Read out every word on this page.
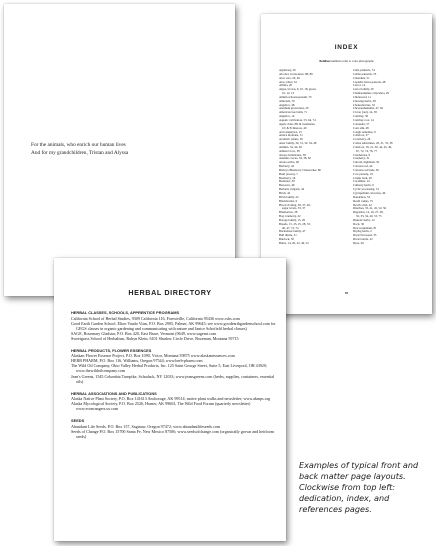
For the animals, who enrich our human lives
And for my grandchildren, Tristan and Alyssa
INDEX
Boldface numbers refer to color photographs
Agrimony, 20
Alcohol, in tinctures, 88, 89
Aloe vera, 20, 49
Aloe, bitter, 61
Alfalfa, 20
Algae, brown, 9, 10, 16; green,
10, 12, 13
Allium schoenoprasum, 70
Almonds, 70
Angelica, 48
Anethum graveolens, 20
American bee balm, 71
Angelica, 14
Aquatic cultivation, 53, 64, 74
Apple cider, 88; & treatments,
10; & Echinacea, 49
Arctostaphylos, 13
Arnica montana, 51
Aromatic plants, 56
Aster family, 30, 31, 32, 34, 48
Asthma, 34, 44, 62
Athlete's foot, 38
Atropa belladonna, 38
Autumn crocus, 34, 38, 62
Avena sativa, 48
Barberry, 43
Barley's Blueberry Cheesecake, 80
Basil (sweet), 7
Bearberry, 16
Bedstraw, 30
Beeswax, 49
Berberis vulgaris, 34
Birch, 42
Birch family, 22
Blackberries, 9
Blood clotting, 28, 37, 40;
sugar levels, 33, 37
Blueberries, 38
Bog cranberry, 22
Borage family, 15, 26
Breads, 15, 23, 25, 28, 33,
40, 47, 72, 74
Buckwheat family, 47
Bull thistle, 51
Burdock, 50
Burns, 14, 20, 22, 46, 52
Calla palustris, 74
Caltha palustris, 53
Calendula, 51
Capsella bursa-pastoris, 48
Carrot, 14
Carrot family, 29
Chamaedaphne calyculata, 29
Chickweed, 11
Chewing herbs, 28
Chokecherries, 32
Chrysanthemums, 47, 62
Clover (red), 14, 58
Comfrey, 36
Comfrey root, 14
Coriander, 57
Corn silk, 48
Cough remedies, 9
Coltsfoot, 37
Crowberry, 26
Coffee substitutes, 29, 31, 33, 38
Coltsfoot, 18, 21, 30, 44, 45, 49,
67, 72, 74, 76, 77
Cranberries, 9
Cranberry, 31
Currant, highbush, 50
Cottonwood, 44
Cottonwood buds, 36
Cow parsnip, 19
Cramp bark, 29
Cucumber, 22
Culinary herbs, 9
Cyclic processing, 31
Cypripedium calceolus, 49
Dandelion, 53
Death camas, 75
Devil's club, 42
Diarrhea, 33, 41, 45, 52, 56
Digestion, 14, 16, 27, 28,
32, 33, 34, 40, 53, 75
Diuretic herbs, 12
Dock, 36
Dracocephalum, 81
Drying herbs, 2
Dwarf fireweed, 35
Dwarf nettle, 22
Dyes, 49
95
HERBAL DIRECTORY
HERBAL CLASSES, SCHOOLS, APPRENTICE PROGRAMS
California School of Herbal Studies, 9309 California 116, Forestville, California 95436 www.cshs.com
Good Earth Garden School, Elton Vaudo Vitas, P.O. Box 2905, Palmer, AK 99645; see www.goodearthgardenschool.com for GEGS classes in organic gardening and communicating with nature and Janice Schofield herbal classes)
SAGE, Rosemary Gladstar, P.O. Box 420, East Barre, Vermont (0649, www.sagemt.com
Sweetgrass School of Herbalism, Robyn Klein, 6101 Shadow Circle Drive, Bozeman, Montana 59715
HERBAL PRODUCTS, FLOWER ESSENCES
Alaskan Flower Essence Project, P.O. Box 1090, Victor, Montana 59875 www.alaskanessences.com
HERB PHARM, P.O. Box 116, Williams, Oregon 97544; www.herb-pharm.com
The Wild Oil Company, Ohio Valley Herbal Products, Inc. 125 Saint George Street, Suite 5, East Liverpool, OH 43920; www.thewildoilcompany.com
Jean's Greens, 1545 Columbia Turnpike, Schodack, NY 12033; www.jeansgreens.com (herbs, supplies, containers, essential oils)
HERBAL ASSOCIATIONS AND PUBLICATIONS
Alaska Native Plant Society, P.O. Box 141613 Anchorage, AK 99514; native plant walks and newsletter; www.akmps.org
Alaska Mycological Society, P.O. Box 2526, Homer, AK 99603, The Wild Food Forum (quarterly newsletter) www.econrangers.us.com
SEEDS
Abundant Life Seeds, P.O. Box 157, Saginaw, Oregon 97472; www.abundantlifeseeds.com
Seeds of Change P.O. Box 15700 Santa Fe, New Mexico 87506; www.seedsofchange.com (organically grown and heirloom seeds)
Examples of typical front and back matter page layouts. Clockwise from top left: dedication, index, and references pages.
